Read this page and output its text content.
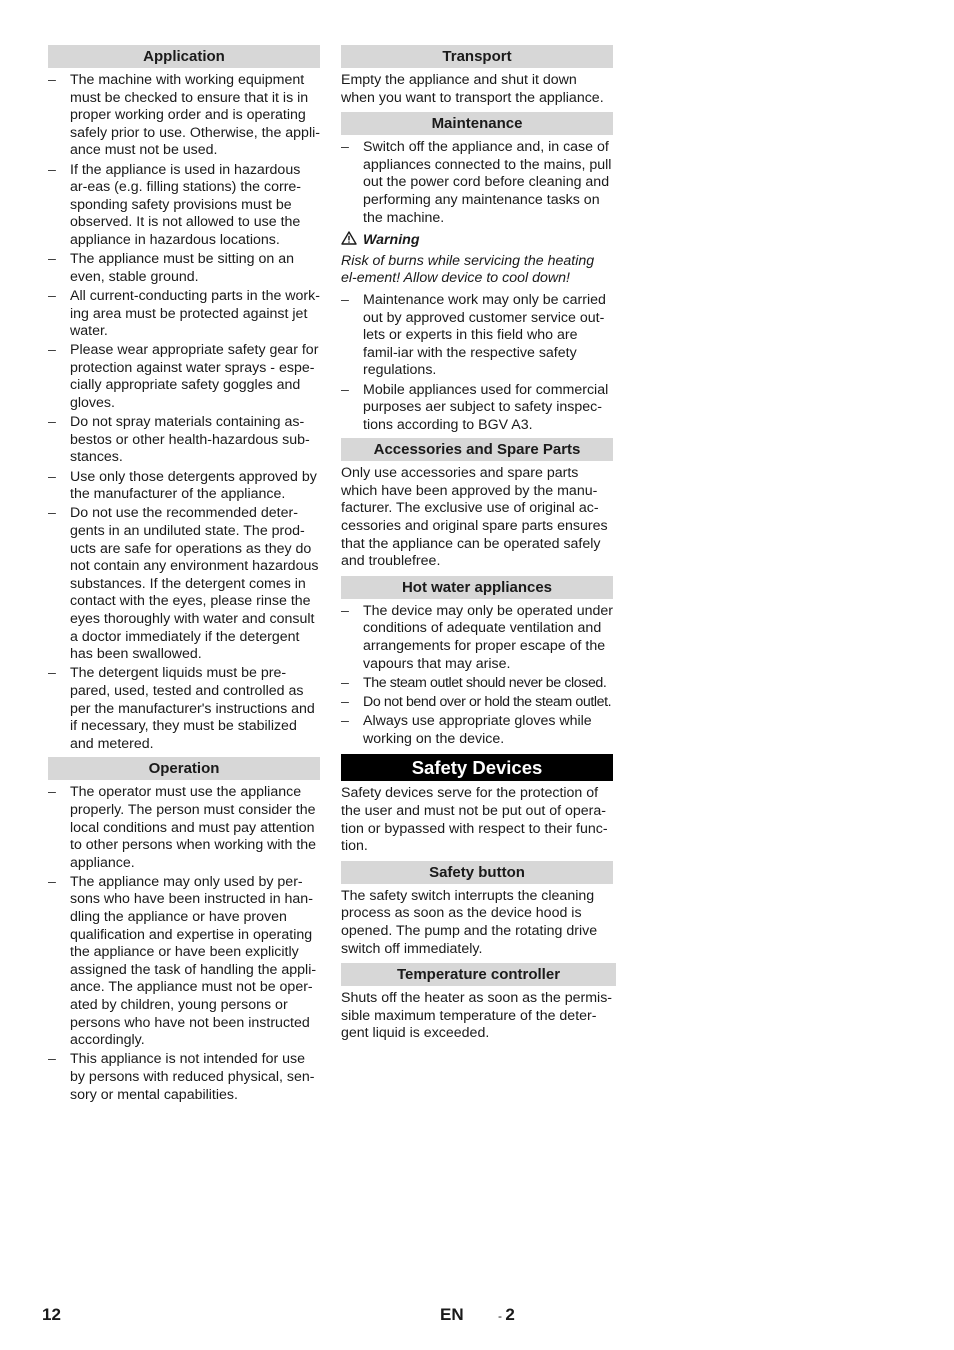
Application
– The machine with working equipment must be checked to ensure that it is in proper working order and is operating safely prior to use. Otherwise, the appli-ance must not be used.
– If the appliance is used in hazardous ar-eas (e.g. filling stations) the corre-sponding safety provisions must be observed. It is not allowed to use the appliance in hazardous locations.
– The appliance must be sitting on an even, stable ground.
– All current-conducting parts in the work-ing area must be protected against jet water.
– Please wear appropriate safety gear for protection against water sprays - espe-cially appropriate safety goggles and gloves.
– Do not spray materials containing as-bestos or other health-hazardous sub-stances.
– Use only those detergents approved by the manufacturer of the appliance.
– Do not use the recommended deter-gents in an undiluted state. The prod-ucts are safe for operations as they do not contain any environment hazardous substances. If the detergent comes in contact with the eyes, please rinse the eyes thoroughly with water and consult a doctor immediately if the detergent has been swallowed.
– The detergent liquids must be pre-pared, used, tested and controlled as per the manufacturer's instructions and if necessary, they must be stabilized and metered.
Operation
– The operator must use the appliance properly. The person must consider the local conditions and must pay attention to other persons when working with the appliance.
– The appliance may only used by per-sons who have been instructed in han-dling the appliance or have proven qualification and expertise in operating the appliance or have been explicitly assigned the task of handling the appli-ance. The appliance must not be oper-ated by children, young persons or persons who have not been instructed accordingly.
– This appliance is not intended for use by persons with reduced physical, sen-sory or mental capabilities.
Transport

Empty the appliance and shut it down when you want to transport the appliance.

Maintenance
– Switch off the appliance and, in case of appliances connected to the mains, pull out the power cord before cleaning and performing any maintenance tasks on the machine.
Warning

Risk of burns while servicing the heating el-ement! Allow device to cool down!

– Maintenance work may only be carried out by approved customer service out-lets or experts in this field who are famil-iar with the respective safety regulations.
– Mobile appliances used for commercial purposes aer subject to safety inspec-tions according to BGV A3.
Accessories and Spare Parts

Only use accessories and spare parts which have been approved by the manu-facturer. The exclusive use of original ac-cessories and original spare parts ensures that the appliance can be operated safely and troublefree.

Hot water appliances
– The device may only be operated under conditions of adequate ventilation and arrangements for proper escape of the vapours that may arise.
– The steam outlet should never be closed.
– Do not bend over or hold the steam outlet.
– Always use appropriate gloves while working on the device.
Safety Devices

Safety devices serve for the protection of the user and must not be put out of opera-tion or bypassed with respect to their func-tion.

Safety button

The safety switch interrupts the cleaning process as soon as the device hood is opened. The pump and the rotating drive switch off immediately.

Temperature controller

Shuts off the heater as soon as the permis-sible maximum temperature of the deter-gent liquid is exceeded.

12	EN	- 2
